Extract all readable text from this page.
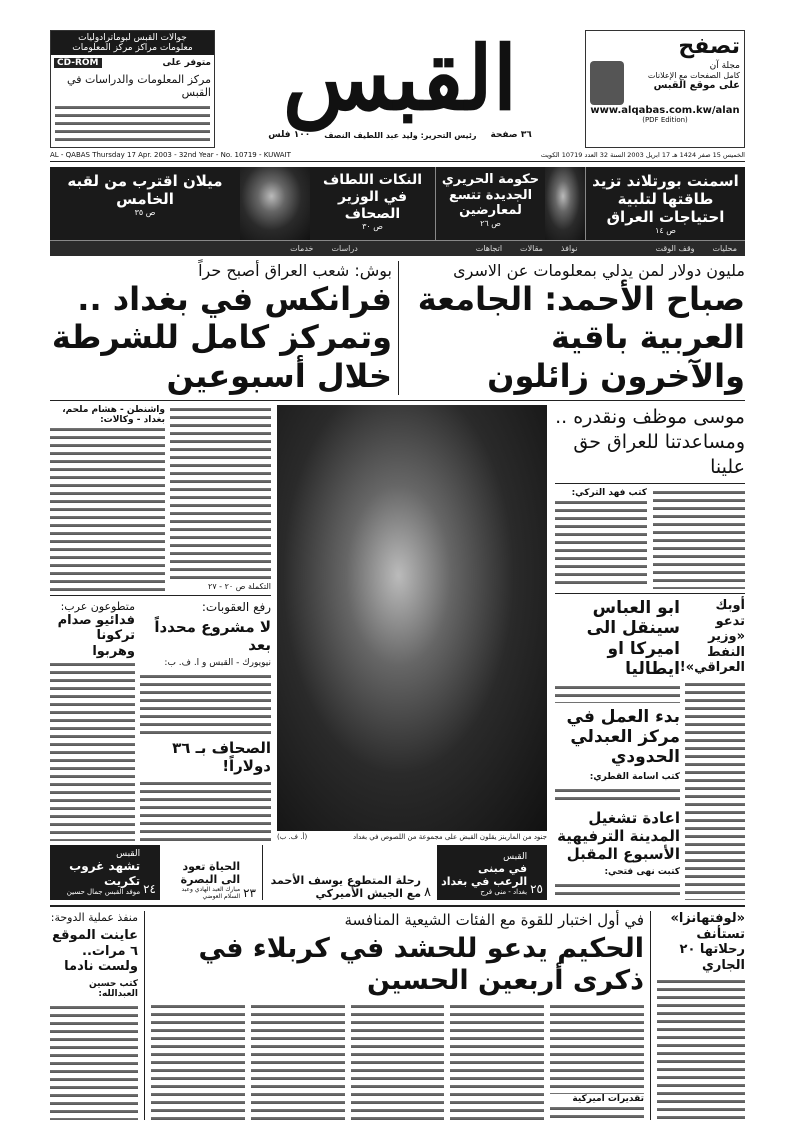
جوالات القبس لبوماترادوليات
معلومات مراكز مركز المعلومات
CD-ROM	متوفر على
مركز المعلومات والدراسات في القبس القبس
١٠٠ فلس رئيس التحرير: وليد عبد اللطيف النصف ٣٦ صفحة
تصفح
مجلة آن
كامل الصفحات مع الإعلانات
على موقع القبس
www.alqabas.com.kw/alan
(PDF Edition)
AL - QABAS Thursday 17 Apr. 2003 - 32nd Year - No. 10719 - KUWAIT	الخميس 15 صفر 1424 هـ 17 ابريل 2003 السنة 32 العدد 10719 الكويت
اسمنت بورتلاند تزيد طاقتها لتلبية احتياجات العراق
ص ١٤
حكومة الحريري الجديدة تتسع لمعارضين
ص ٢٦
النكات اللطاف في الوزير الصحاف
ص ٣٠
ميلان اقترب من لقبه الخامس
ص ٣٥
محليات
وقف الوقت
نوافذ
مقالات
اتجاهات
دراسات
خدمات
مليون دولار لمن يدلي بمعلومات عن الاسرى
صباح الأحمد: الجامعة العربية باقية والآخرون زائلون
بوش: شعب العراق أصبح حراً
فرانكس في بغداد .. وتمركز كامل للشرطة خلال أسبوعين
موسى موظف ونقدره .. ومساعدتنا للعراق حق علينا
كتب فهد التركي:
ابو العباس سينقل الى اميركا او ايطاليا
بدء العمل في مركز العبدلي الحدودي
كتب اسامة القطري:
اعادة تشغيل المدينة الترفيهية الأسبوع المقبل
كتبت نهى فتحي:
أوبك تدعو «وزير النفط العراقي»!
(أ. ف. ب)	جنود من المارينز يقلون القبض على مجموعة من اللصوص في بغداد
واشنطن - هشام ملحم، بغداد - وكالات:
التكملة ص ٢٠ - ٢٧
متطوعون عرب:
فدائيو صدام تركونا وهربوا
رفع العقوبات:
لا مشروع محدداً بعد
نيويورك - القبس و ا. ف. ب:
الصحاف بـ ٣٦ دولاراً!
القبس
في مبنى الرعب في بغداد
بغداد - منى فرح ٢٥
رحلة المتطوع يوسف الأحمد مع الجيش الأميركي ٨
الحياة تعود الى البصرة
مبارك العبد الهادي وعبد السلام العوضي ٢٣
القبس
تشهد غروب تكريت
موفد القبس جمال حسين ٢٤
«لوفتهانزا» تستأنف رحلاتها ٢٠ الجاري
في أول اختبار للقوة مع الفئات الشيعية المنافسة
الحكيم يدعو للحشد في كربلاء في ذكرى أربعين الحسين
تقديرات اميركية
منفذ عملية الدوحة:
عاينت الموقع ٦ مرات.. ولست نادما
كتب حسين العبدالله:
